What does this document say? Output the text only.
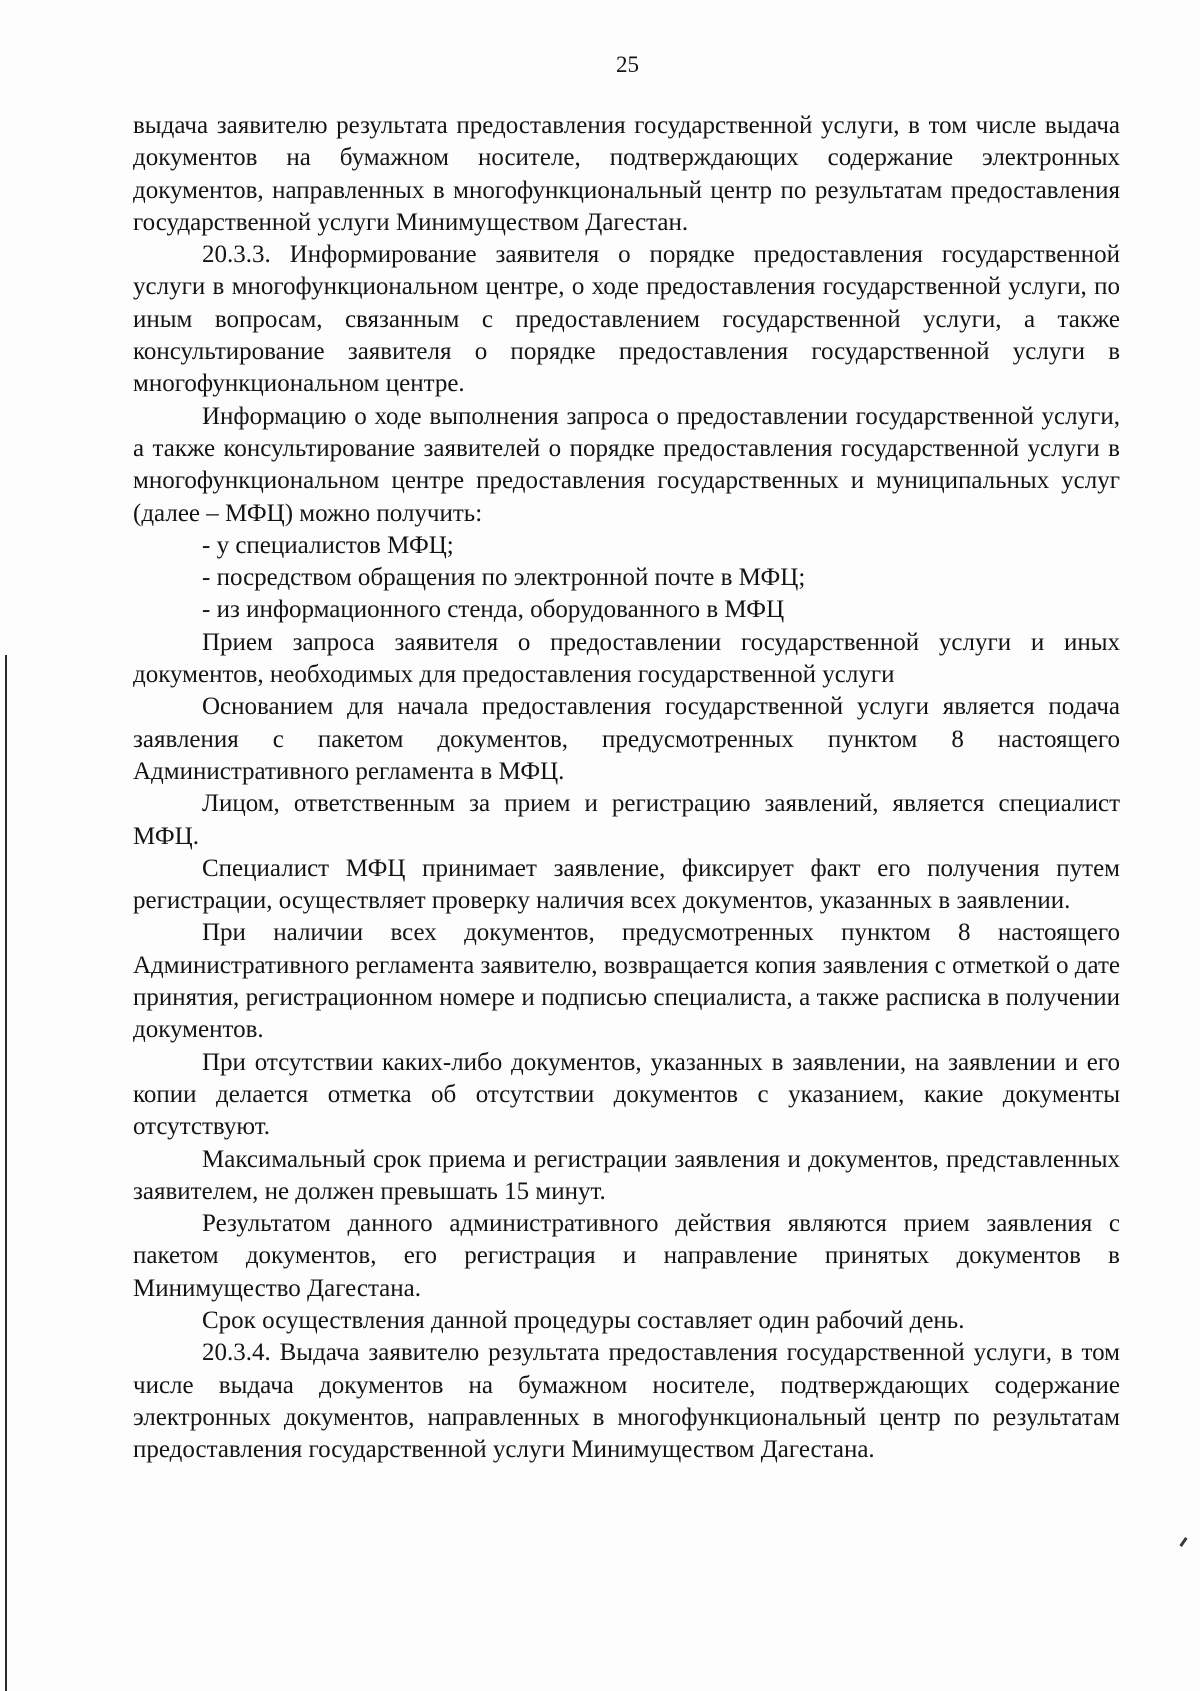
25

выдача заявителю результата предоставления государственной услуги, в том числе выдача документов на бумажном носителе, подтверждающих содержание электронных документов, направленных в многофункциональный центр по результатам предоставления государственной услуги Минимуществом Дагестан.

20.3.3. Информирование заявителя о порядке предоставления государственной услуги в многофункциональном центре, о ходе предоставления государственной услуги, по иным вопросам, связанным с предоставлением государственной услуги, а также консультирование заявителя о порядке предоставления государственной услуги в многофункциональном центре.

Информацию о ходе выполнения запроса о предоставлении государственной услуги, а также консультирование заявителей о порядке предоставления государственной услуги в многофункциональном центре предоставления государственных и муниципальных услуг (далее – МФЦ) можно получить:

- у специалистов МФЦ;

- посредством обращения по электронной почте в МФЦ;

- из информационного стенда, оборудованного в МФЦ

Прием запроса заявителя о предоставлении государственной услуги и иных документов, необходимых для предоставления государственной услуги

Основанием для начала предоставления государственной услуги является подача заявления с пакетом документов, предусмотренных пунктом 8 настоящего Административного регламента в МФЦ.

Лицом, ответственным за прием и регистрацию заявлений, является специалист МФЦ.

Специалист МФЦ принимает заявление, фиксирует факт его получения путем регистрации, осуществляет проверку наличия всех документов, указанных в заявлении.

При наличии всех документов, предусмотренных пунктом 8 настоящего Административного регламента заявителю, возвращается копия заявления с отметкой о дате принятия, регистрационном номере и подписью специалиста, а также расписка в получении документов.

При отсутствии каких-либо документов, указанных в заявлении, на заявлении и его копии делается отметка об отсутствии документов с указанием, какие документы отсутствуют.

Максимальный срок приема и регистрации заявления и документов, представленных заявителем, не должен превышать 15 минут.

Результатом данного административного действия являются прием заявления с пакетом документов, его регистрация и направление принятых документов в Минимущество Дагестана.

Срок осуществления данной процедуры составляет один рабочий день.

20.3.4. Выдача заявителю результата предоставления государственной услуги, в том числе выдача документов на бумажном носителе, подтверждающих содержание электронных документов, направленных в многофункциональный центр по результатам предоставления государственной услуги Минимуществом Дагестана.
